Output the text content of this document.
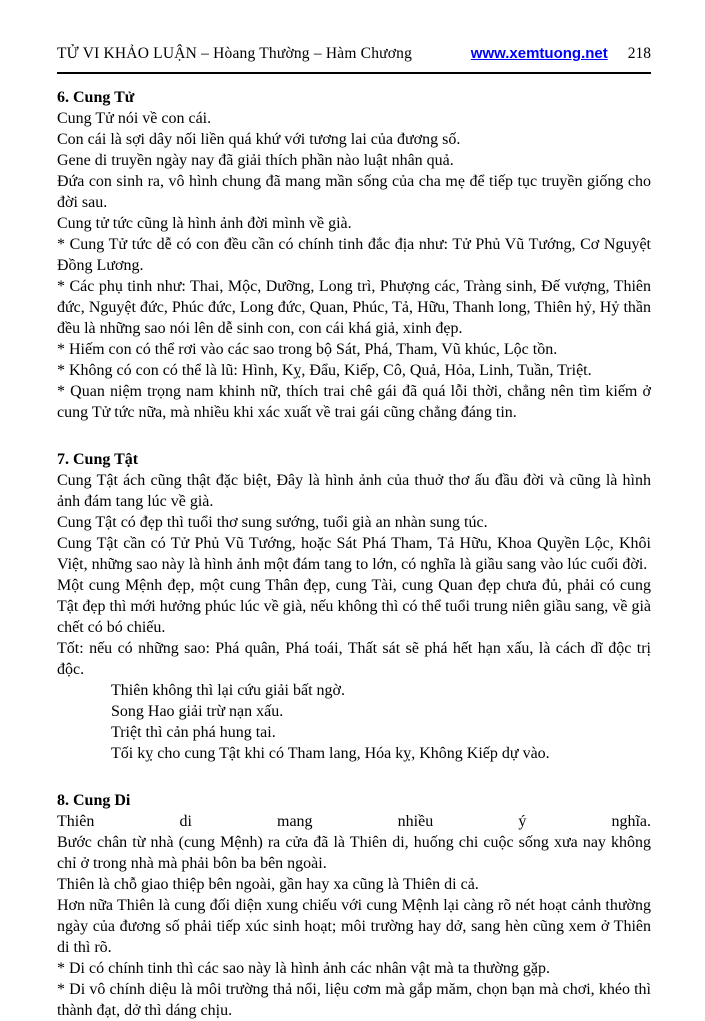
TỬ VI KHẢO LUẬN – Hòang Thường – Hàm Chương	www.xemtuong.net 218
6. Cung Tử
Cung Tử nói về con cái.
Con cái là sợi dây nối liền quá khứ với tương lai của đương số.
Gene di truyền ngày nay đã giải thích phần nào luật nhân quả.
Đứa con sinh ra, vô hình chung đã mang mần sống của cha mẹ để tiếp tục truyền giống cho đời sau.
Cung tử tức cũng là hình ảnh đời mình về già.
* Cung Tử tức dễ có con đều cần có chính tinh đắc địa như: Tử Phủ Vũ Tướng, Cơ Nguyệt Đồng Lương.
* Các phụ tinh như: Thai, Mộc, Dưỡng, Long trì, Phượng các, Tràng sinh, Đế vượng, Thiên đức, Nguyệt đức, Phúc đức, Long đức, Quan, Phúc, Tả, Hữu, Thanh long, Thiên hỷ, Hỷ thần đều là những sao nói lên dễ sinh con, con cái khá giả, xinh đẹp.
* Hiếm con có thể rơi vào các sao trong bộ Sát, Phá, Tham, Vũ khúc, Lộc tồn.
* Không có con có thể là lũ: Hình, Kỵ, Đẩu, Kiếp, Cô, Quả, Hỏa, Linh, Tuần, Triệt.
* Quan niệm trọng nam khinh nữ, thích trai chê gái đã quá lỗi thời, chẳng nên tìm kiếm ở cung Tử tức nữa, mà nhiều khi xác xuất về trai gái cũng chẳng đáng tin.
7. Cung Tật
Cung Tật ách cũng thật đặc biệt, Đây là hình ảnh của thuở thơ ấu đầu đời và cũng là hình ảnh đám tang lúc về già.
Cung Tật có đẹp thì tuổi thơ sung sướng, tuổi già an nhàn sung túc.
Cung Tật cần có Tử Phủ Vũ Tướng, hoặc Sát Phá Tham, Tả Hữu, Khoa Quyền Lộc, Khôi Việt, những sao này là hình ảnh một đám tang to lớn, có nghĩa là giầu sang vào lúc cuối đời.
Một cung Mệnh đẹp, một cung Thân đẹp, cung Tài, cung Quan đẹp chưa đủ, phải có cung Tật đẹp thì mới hưởng phúc lúc về già, nếu không thì có thể tuổi trung niên giầu sang, về già chết có bó chiếu.
Tốt: nếu có những sao: Phá quân, Phá toái, Thất sát sẽ phá hết hạn xấu, là cách dĩ độc trị độc.
Thiên không thì lại cứu giải bất ngờ.
Song Hao giải trừ nạn xấu.
Triệt thì cản phá hung tai.
Tối kỵ cho cung Tật khi có Tham lang, Hóa kỵ, Không Kiếp dự vào.
8. Cung Di
Thiên di mang nhiều ý nghĩa.
Bước chân từ nhà (cung Mệnh) ra cửa đã là Thiên di, huống chi cuộc sống xưa nay không chỉ ở trong nhà mà phải bôn ba bên ngoài.
Thiên là chỗ giao thiệp bên ngoài, gần hay xa cũng là Thiên di cả.
Hơn nữa Thiên là cung đối diện xung chiếu với cung Mệnh lại càng rõ nét hoạt cảnh thường ngày của đương số phải tiếp xúc sinh hoạt; môi trường hay dở, sang hèn cũng xem ở Thiên di thì rõ.
* Di có chính tinh thì các sao này là hình ảnh các nhân vật mà ta thường gặp.
* Di vô chính diệu là môi trường thả nổi, liệu cơm mà gắp măm, chọn bạn mà chơi, khéo thì thành đạt, dở thì dáng chịu.
